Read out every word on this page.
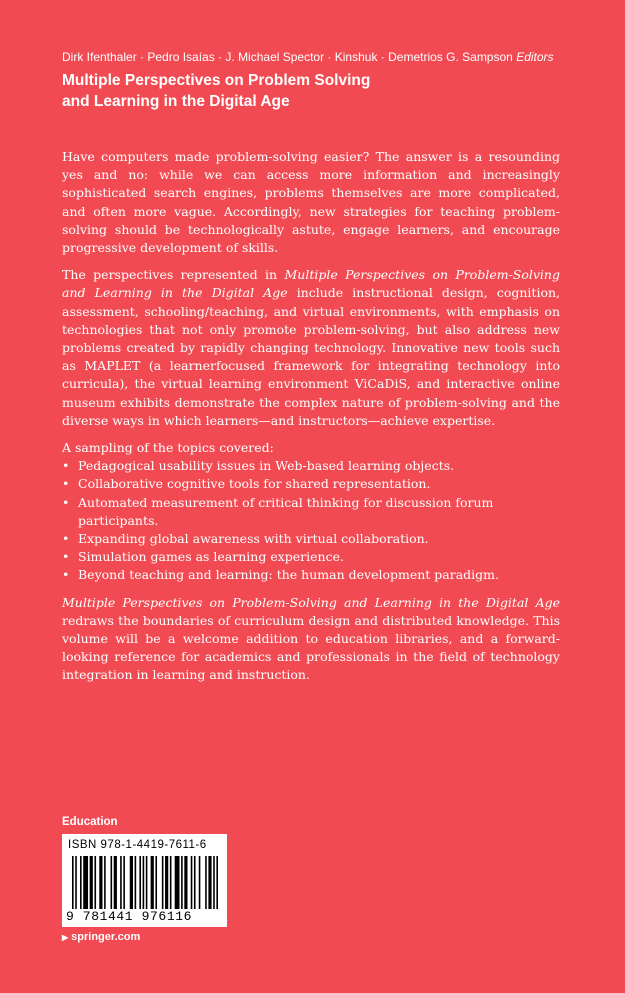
Dirk Ifenthaler · Pedro Isaías · J. Michael Spector · Kinshuk · Demetrios G. Sampson Editors
Multiple Perspectives on Problem Solving
and Learning in the Digital Age

Have computers made problem-solving easier? The answer is a resounding yes and no: while we can access more information and increasingly sophisticated search engines, problems themselves are more complicated, and often more vague. Accordingly, new strategies for teaching problem-solving should be technologically astute, engage learners, and encourage progressive development of skills.

The perspectives represented in Multiple Perspectives on Problem-Solving and Learning in the Digital Age include instructional design, cognition, assessment, schooling/teaching, and virtual environments, with emphasis on technologies that not only promote problem-solving, but also address new problems created by rapidly changing technology. Innovative new tools such as MAPLET (a learnerfocused framework for integrating technology into curricula), the virtual learning environment ViCaDiS, and interactive online museum exhibits demonstrate the complex nature of problem-solving and the diverse ways in which learners—and instructors—achieve expertise.

A sampling of the topics covered:

• Pedagogical usability issues in Web-based learning objects.
• Collaborative cognitive tools for shared representation.
• Automated measurement of critical thinking for discussion forum participants.
• Expanding global awareness with virtual collaboration.
• Simulation games as learning experience.
• Beyond teaching and learning: the human development paradigm.

Multiple Perspectives on Problem-Solving and Learning in the Digital Age redraws the boundaries of curriculum design and distributed knowledge. This volume will be a welcome addition to education libraries, and a forward-looking reference for academics and professionals in the field of technology integration in learning and instruction.

Education
ISBN 978-1-4419-7611-6
9 781441 976116
▶ springer.com
